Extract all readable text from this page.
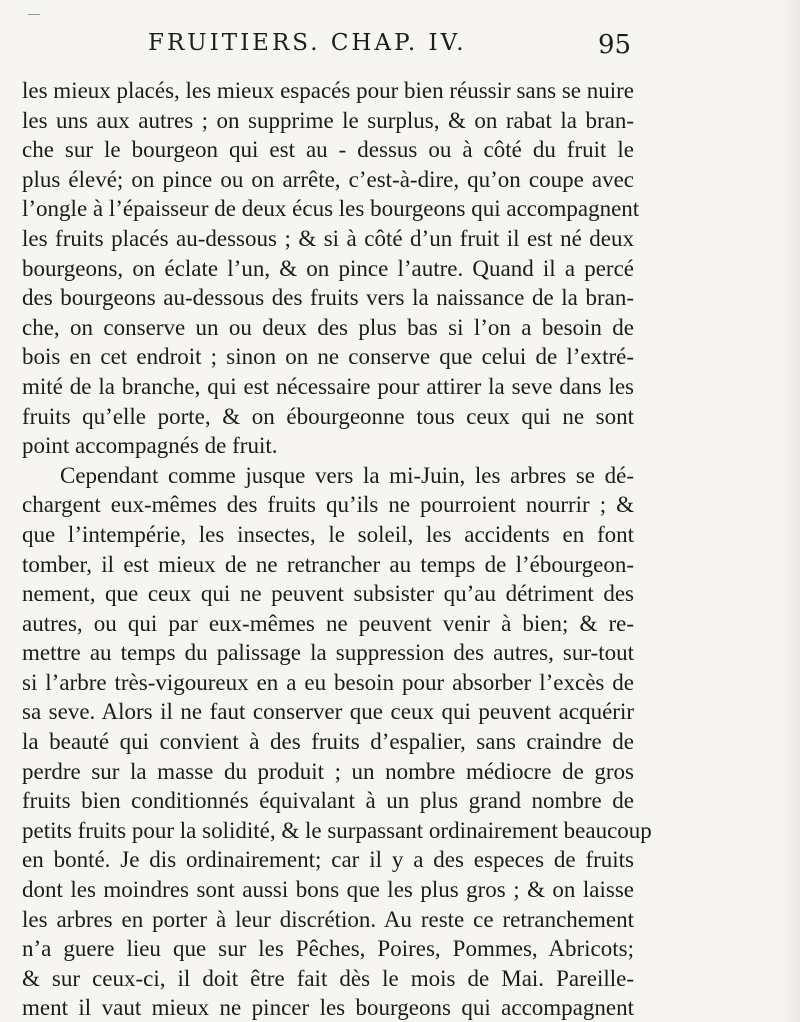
FRUITIERS. CHAP. IV.	95
les mieux placés, les mieux espacés pour bien réussir sans se nuire
les uns aux autres ; on supprime le surplus, & on rabat la bran-
che sur le bourgeon qui est au - dessus ou à côté du fruit le
plus élevé; on pince ou on arrête, c’est-à-dire, qu’on coupe avec
l’ongle à l’épaisseur de deux écus les bourgeons qui accompagnent
les fruits placés au-dessous ; & si à côté d’un fruit il est né deux
bourgeons, on éclate l’un, & on pince l’autre. Quand il a percé
des bourgeons au-dessous des fruits vers la naissance de la bran-
che, on conserve un ou deux des plus bas si l’on a besoin de
bois en cet endroit ; sinon on ne conserve que celui de l’extré-
mité de la branche, qui est nécessaire pour attirer la seve dans les
fruits qu’elle porte, & on ébourgeonne tous ceux qui ne sont
point accompagnés de fruit.
Cependant comme jusque vers la mi-Juin, les arbres se dé-
chargent eux-mêmes des fruits qu’ils ne pourroient nourrir ; &
que l’intempérie, les insectes, le soleil, les accidents en font
tomber, il est mieux de ne retrancher au temps de l’ébourgeon-
nement, que ceux qui ne peuvent subsister qu’au détriment des
autres, ou qui par eux-mêmes ne peuvent venir à bien; & re-
mettre au temps du palissage la suppression des autres, sur-tout
si l’arbre très-vigoureux en a eu besoin pour absorber l’excès de
sa seve. Alors il ne faut conserver que ceux qui peuvent acquérir
la beauté qui convient à des fruits d’espalier, sans craindre de
perdre sur la masse du produit ; un nombre médiocre de gros
fruits bien conditionnés équivalant à un plus grand nombre de
petits fruits pour la solidité, & le surpassant ordinairement beaucoup
en bonté. Je dis ordinairement; car il y a des especes de fruits
dont les moindres sont aussi bons que les plus gros ; & on laisse
les arbres en porter à leur discrétion. Au reste ce retranchement
n’a guere lieu que sur les Pêches, Poires, Pommes, Abricots;
& sur ceux-ci, il doit être fait dès le mois de Mai. Pareille-
ment il vaut mieux ne pincer les bourgeons qui accompagnent
